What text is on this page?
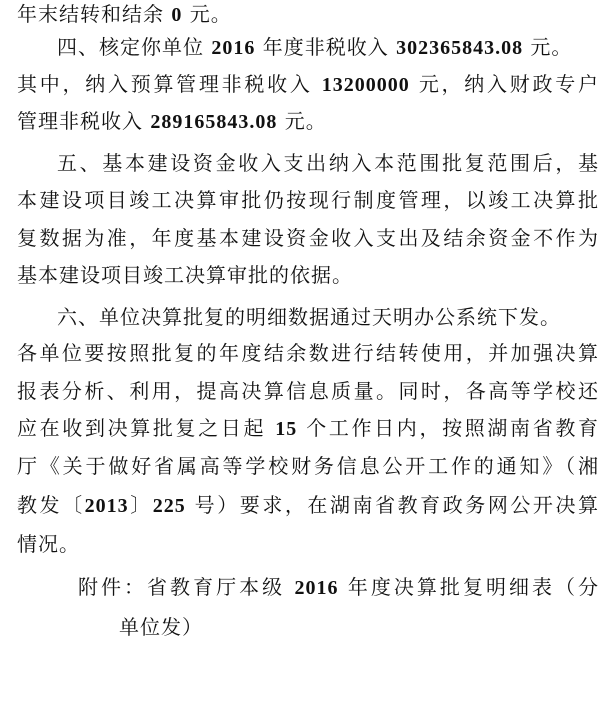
年末结转和结余 0 元。
四、核定你单位 2016 年度非税收入 302365843.08 元。
其中，纳入预算管理非税收入 13200000 元，纳入财政专户
管理非税收入 289165843.08 元。
五、基本建设资金收入支出纳入本范围批复范围后，基
本建设项目竣工决算审批仍按现行制度管理，以竣工决算批
复数据为准，年度基本建设资金收入支出及结余资金不作为
基本建设项目竣工决算审批的依据。
六、单位决算批复的明细数据通过天明办公系统下发。
各单位要按照批复的年度结余数进行结转使用，并加强决算
报表分析、利用，提高决算信息质量。同时，各高等学校还
应在收到决算批复之日起 15 个工作日内，按照湖南省教育
厅《关于做好省属高等学校财务信息公开工作的通知》（湘
教发〔2013〕225 号）要求，在湖南省教育政务网公开决算
情况。
附件：省教育厅本级 2016 年度决算批复明细表（分
单位发）
